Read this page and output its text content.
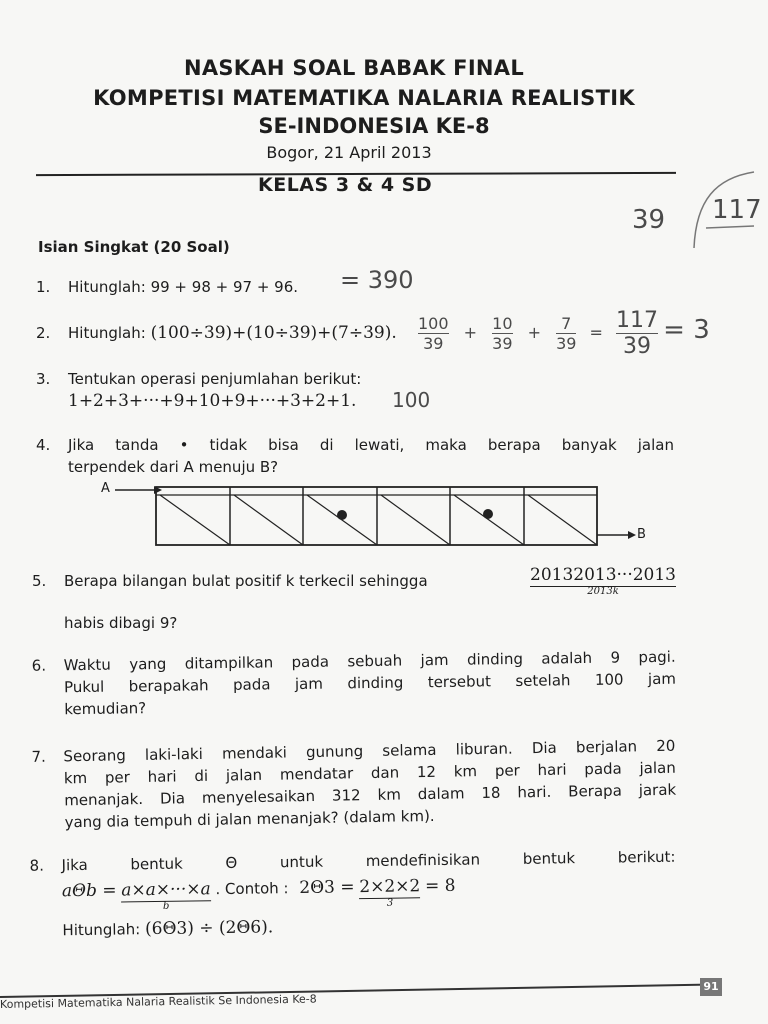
NASKAH SOAL BABAK FINAL
KOMPETISI MATEMATIKA NALARIA REALISTIK
SE-INDONESIA KE-8
Bogor, 21 April 2013
KELAS 3 & 4 SD
39 117
Isian Singkat (20 Soal)
1. Hitunglah: 99 + 98 + 97 + 96. = 390
2. Hitunglah: (100÷39)+(10÷39)+(7÷39). $\frac{100}{39} + \frac{10}{39} + \frac{7}{39} = \frac{117}{39} = 3$
3. Tentukan operasi penjumlahan berikut:
1+2+3+···+9+10+9+···+3+2+1. 100
4. Jika tanda • tidak bisa di lewati, maka berapa banyak jalan
terpendek dari A menuju B?
A
B
5. Berapa bilangan bulat positif k terkecil sehingga	20132013···2013
2013k
habis dibagi 9?
6. Waktu yang ditampilkan pada sebuah jam dinding adalah 9 pagi.
Pukul berapakah pada jam dinding tersebut setelah 100 jam
kemudian?
7. Seorang laki-laki mendaki gunung selama liburan. Dia berjalan 20
km per hari di jalan mendatar dan 12 km per hari pada jalan
menanjak. Dia menyelesaikan 312 km dalam 18 hari. Berapa jarak
yang dia tempuh di jalan menanjak? (dalam km).
8. Jika bentuk Θ untuk mendefinisikan bentuk berikut:
aΘb = a×a×···×a
b
. Contoh : 2Θ3 = 2×2×2
3
= 8
Hitunglah: (6Θ3) ÷ (2Θ6).
Kompetisi Matematika Nalaria Realistik Se Indonesia Ke-8
91
